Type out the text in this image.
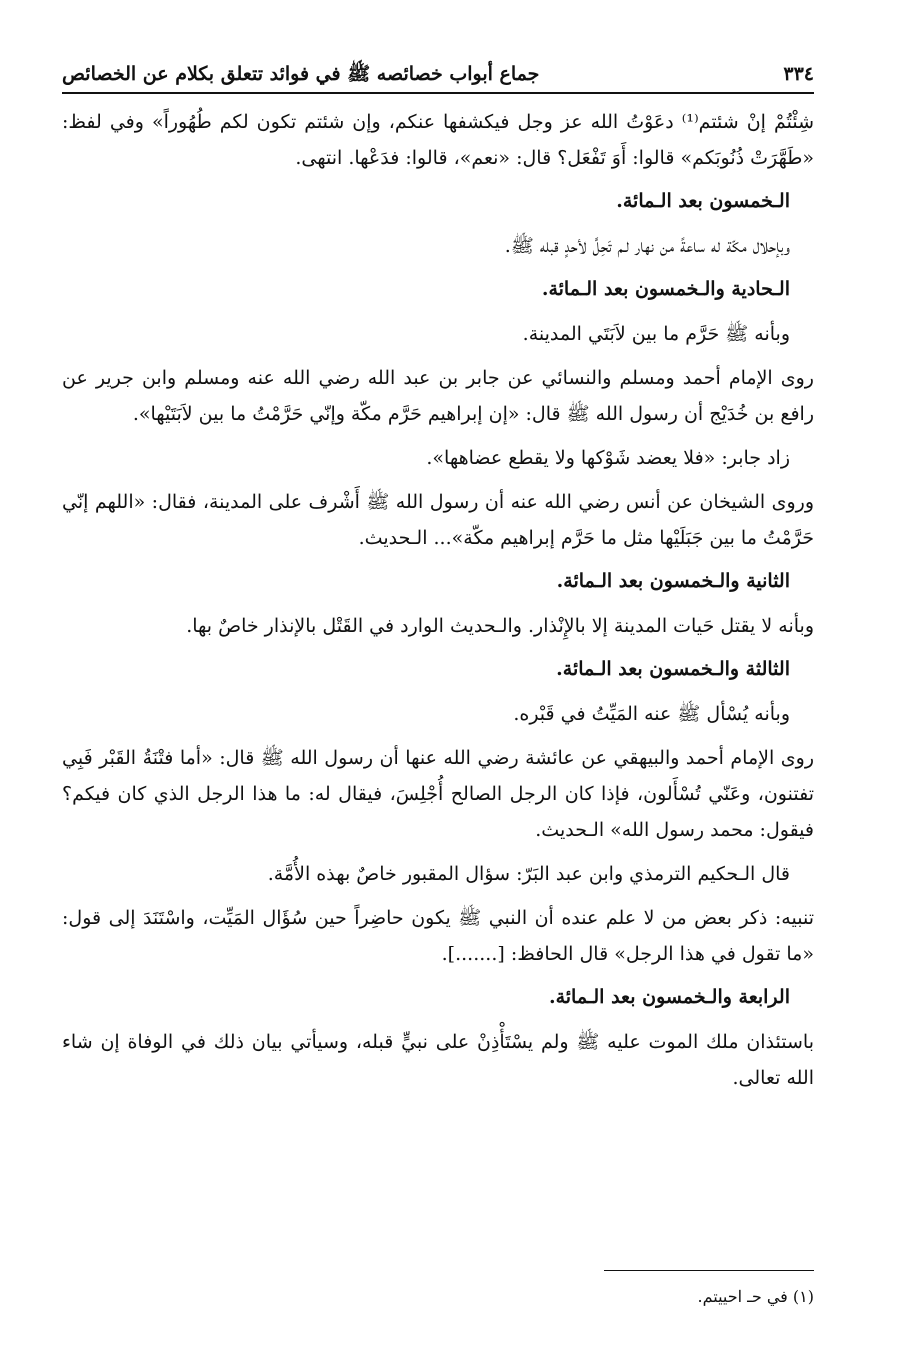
٣٣٤
جماع أبواب خصائصه ﷺ في فوائد تتعلق بكلام عن الخصائص

شِئْتُمْ إنْ شئتم⁽¹⁾ دعَوْتُ الله عز وجل فيكشفها عنكم، وإن شئتم تكون لكم طُهُوراً» وفي لفظ: «طَهَّرَتْ ذُنُوبَكم» قالوا: أَوَ تَفْعَل؟ قال: «نعم»، قالوا: فدَعْها. انتهى.

الـخمسون بعد الـمائة.

وبإحلال مكّة له ساعةً من نهار لـم تَحِلَّ لأحدٍ قبله ﷺ.

الـحادية والـخمسون بعد الـمائة.

وبأنه ﷺ حَرَّم ما بين لاَبَتَي المدينة.

روى الإمام أحمد ومسلم والنسائي عن جابر بن عبد الله رضي الله عنه ومسلم وابن جرير عن رافع بن خُدَيْج أن رسول الله ﷺ قال: «إن إبراهيم حَرَّم مكّة وإنّي حَرَّمْتُ ما بين لاَبَتَيْها».

زاد جابر: «فلا يعضد شَوْكها ولا يقطع عضاهها».

وروى الشيخان عن أنس رضي الله عنه أن رسول الله ﷺ أَشْرف على المدينة، فقال: «اللهم إنّي حَرَّمْتُ ما بين جَبَلَيْها مثل ما حَرَّم إبراهيم مكّة»... الـحديث.

الثانية والـخمسون بعد الـمائة.

وبأنه لا يقتل حَيات المدينة إلا بالإِنْذار. والـحديث الوارد في القَتْل بالإنذار خاصٌ بها.

الثالثة والـخمسون بعد الـمائة.

وبأنه يُسْأل ﷺ عنه المَيِّتُ في قَبْره.

روى الإمام أحمد والبيهقي عن عائشة رضي الله عنها أن رسول الله ﷺ قال: «أما فتْنَةُ القَبْر فَبِي تفتنون، وعَنّي تُسْأَلون، فإذا كان الرجل الصالح أُجْلِسَ، فيقال له: ما هذا الرجل الذي كان فيكم؟ فيقول: محمد رسول الله» الـحديث.

قال الـحكيم الترمذي وابن عبد البَرّ: سؤال المقبور خاصٌ بهذه الأُمَّة.

تنبيه: ذكر بعض من لا علم عنده أن النبي ﷺ يكون حاضِراً حين سُؤَال المَيِّت، واسْتَنَدَ إلى قول: «ما تقول في هذا الرجل» قال الحافظ: [.......].

الرابعة والـخمسون بعد الـمائة.

باستئذان ملك الموت عليه ﷺ ولم يسْتَأْذِنْ على نبيٍّ قبله، وسيأتي بيان ذلك في الوفاة إن شاء الله تعالى.

(١) في حـ احييتم.
